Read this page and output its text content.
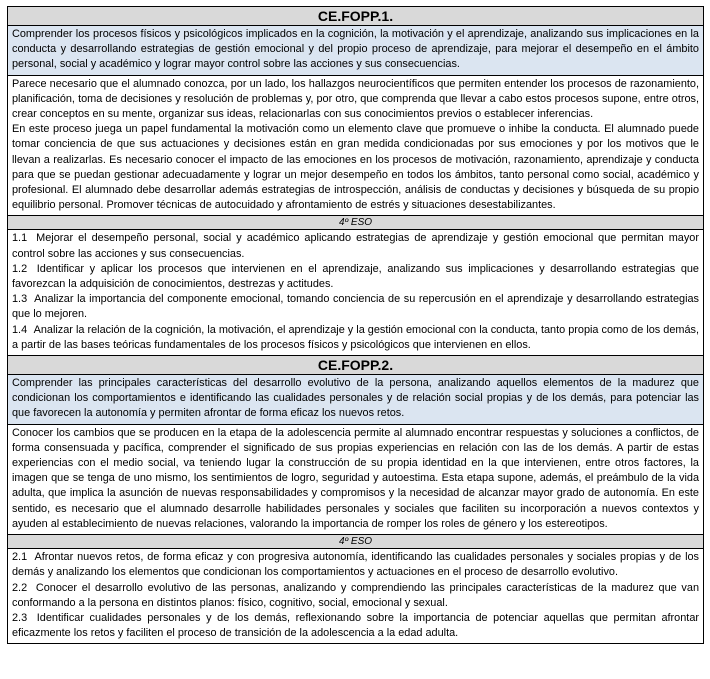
CE.FOPP.1.
Comprender los procesos físicos y psicológicos implicados en la cognición, la motivación y el aprendizaje, analizando sus implicaciones en la conducta y desarrollando estrategias de gestión emocional y del propio proceso de aprendizaje, para mejorar el desempeño en el ámbito personal, social y académico y lograr mayor control sobre las acciones y sus consecuencias.

Parece necesario que el alumnado conozca, por un lado, los hallazgos neurocientíficos que permiten entender los procesos de razonamiento, planificación, toma de decisiones y resolución de problemas y, por otro, que comprenda que llevar a cabo estos procesos supone, entre otros, crear conceptos en su mente, organizar sus ideas, relacionarlas con sus conocimientos previos o establecer inferencias.

En este proceso juega un papel fundamental la motivación como un elemento clave que promueve o inhibe la conducta. El alumnado puede tomar conciencia de que sus actuaciones y decisiones están en gran medida condicionadas por sus emociones y por los motivos que le llevan a realizarlas. Es necesario conocer el impacto de las emociones en los procesos de motivación, razonamiento, aprendizaje y conducta para que se puedan gestionar adecuadamente y lograr un mejor desempeño en todos los ámbitos, tanto personal como social, académico y profesional. El alumnado debe desarrollar además estrategias de introspección, análisis de conductas y decisiones y búsqueda de su propio equilibrio personal. Promover técnicas de autocuidado y afrontamiento de estrés y situaciones desestabilizantes.

4º ESO

1.1 Mejorar el desempeño personal, social y académico aplicando estrategias de aprendizaje y gestión emocional que permitan mayor control sobre las acciones y sus consecuencias.

1.2 Identificar y aplicar los procesos que intervienen en el aprendizaje, analizando sus implicaciones y desarrollando estrategias que favorezcan la adquisición de conocimientos, destrezas y actitudes.

1.3 Analizar la importancia del componente emocional, tomando conciencia de su repercusión en el aprendizaje y desarrollando estrategias que lo mejoren.

1.4 Analizar la relación de la cognición, la motivación, el aprendizaje y la gestión emocional con la conducta, tanto propia como de los demás, a partir de las bases teóricas fundamentales de los procesos físicos y psicológicos que intervienen en ellos.

CE.FOPP.2.
Comprender las principales características del desarrollo evolutivo de la persona, analizando aquellos elementos de la madurez que condicionan los comportamientos e identificando las cualidades personales y de relación social propias y de los demás, para potenciar las que favorecen la autonomía y permiten afrontar de forma eficaz los nuevos retos.

Conocer los cambios que se producen en la etapa de la adolescencia permite al alumnado encontrar respuestas y soluciones a conflictos, de forma consensuada y pacífica, comprender el significado de sus propias experiencias en relación con las de los demás. A partir de estas experiencias con el medio social, va teniendo lugar la construcción de su propia identidad en la que intervienen, entre otros factores, la imagen que se tenga de uno mismo, los sentimientos de logro, seguridad y autoestima. Esta etapa supone, además, el preámbulo de la vida adulta, que implica la asunción de nuevas responsabilidades y compromisos y la necesidad de alcanzar mayor grado de autonomía. En este sentido, es necesario que el alumnado desarrolle habilidades personales y sociales que faciliten su incorporación a nuevos contextos y ayuden al establecimiento de nuevas relaciones, valorando la importancia de romper los roles de género y los estereotipos.

4º ESO

2.1 Afrontar nuevos retos, de forma eficaz y con progresiva autonomía, identificando las cualidades personales y sociales propias y de los demás y analizando los elementos que condicionan los comportamientos y actuaciones en el proceso de desarrollo evolutivo.

2.2 Conocer el desarrollo evolutivo de las personas, analizando y comprendiendo las principales características de la madurez que van conformando a la persona en distintos planos: físico, cognitivo, social, emocional y sexual.

2.3 Identificar cualidades personales y de los demás, reflexionando sobre la importancia de potenciar aquellas que permitan afrontar eficazmente los retos y faciliten el proceso de transición de la adolescencia a la edad adulta.
